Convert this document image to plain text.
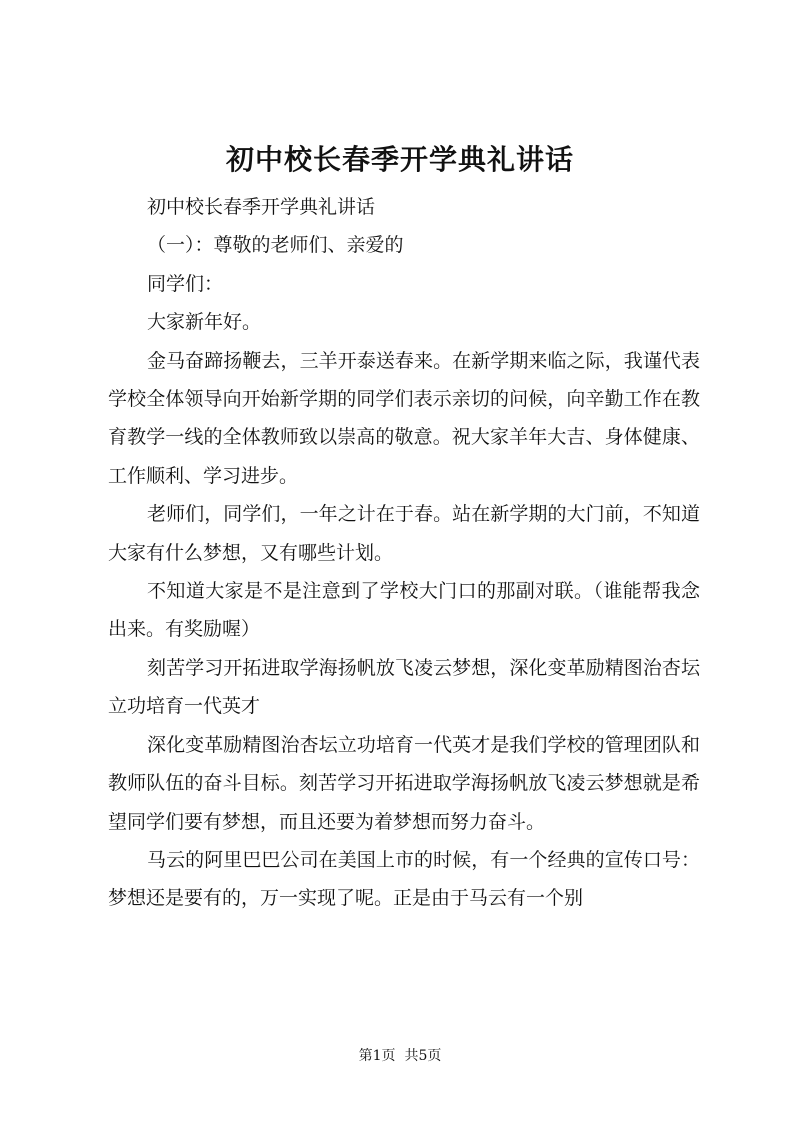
初中校长春季开学典礼讲话

初中校长春季开学典礼讲话

（一）：尊敬的老师们、亲爱的

同学们：

大家新年好。

金马奋蹄扬鞭去，三羊开泰送春来。在新学期来临之际，我谨代表学校全体领导向开始新学期的同学们表示亲切的问候，向辛勤工作在教育教学一线的全体教师致以崇高的敬意。祝大家羊年大吉、身体健康、工作顺利、学习进步。

老师们，同学们，一年之计在于春。站在新学期的大门前，不知道大家有什么梦想，又有哪些计划。

不知道大家是不是注意到了学校大门口的那副对联。（谁能帮我念出来。有奖励喔）

刻苦学习开拓进取学海扬帆放飞凌云梦想，深化变革励精图治杏坛立功培育一代英才

深化变革励精图治杏坛立功培育一代英才是我们学校的管理团队和教师队伍的奋斗目标。刻苦学习开拓进取学海扬帆放飞凌云梦想就是希望同学们要有梦想，而且还要为着梦想而努力奋斗。

马云的阿里巴巴公司在美国上市的时候，有一个经典的宣传口号：梦想还是要有的，万一实现了呢。正是由于马云有一个别

第1页  共5页
